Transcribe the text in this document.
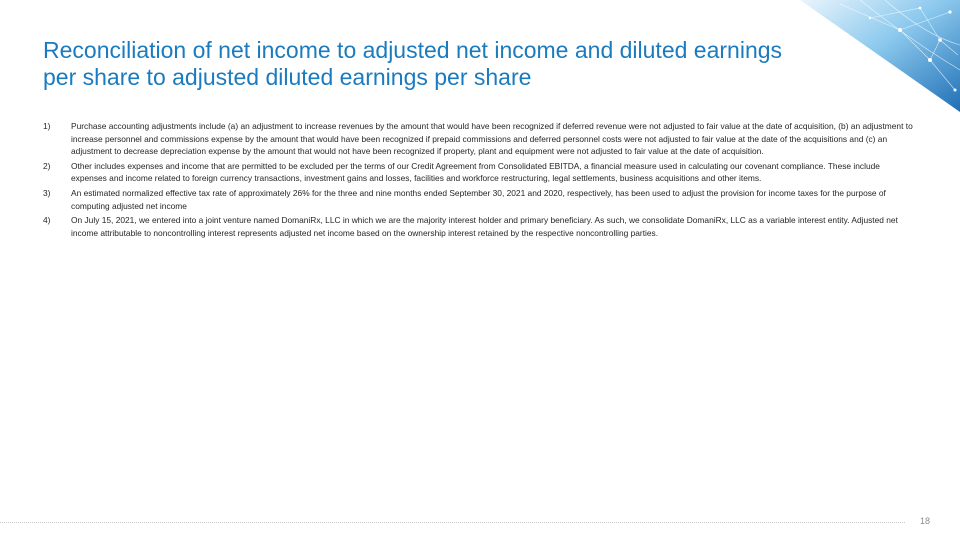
Reconciliation of net income to adjusted net income and diluted earnings per share to adjusted diluted earnings per share
1)	Purchase accounting adjustments include (a) an adjustment to increase revenues by the amount that would have been recognized if deferred revenue were not adjusted to fair value at the date of acquisition, (b) an adjustment to increase personnel and commissions expense by the amount that would have been recognized if prepaid commissions and deferred personnel costs were not adjusted to fair value at the date of the acquisitions and (c) an adjustment to decrease depreciation expense by the amount that would not have been recognized if property, plant and equipment were not adjusted to fair value at the date of acquisition.
2)	Other includes expenses and income that are permitted to be excluded per the terms of our Credit Agreement from Consolidated EBITDA, a financial measure used in calculating our covenant compliance. These include expenses and income related to foreign currency transactions, investment gains and losses, facilities and workforce restructuring, legal settlements, business acquisitions and other items.
3)	An estimated normalized effective tax rate of approximately 26% for the three and nine months ended September 30, 2021 and 2020, respectively, has been used to adjust the provision for income taxes for the purpose of computing adjusted net income
4)	On July 15, 2021, we entered into a joint venture named DomaniRx, LLC in which we are the majority interest holder and primary beneficiary. As such, we consolidate DomaniRx, LLC as a variable interest entity. Adjusted net income attributable to noncontrolling interest represents adjusted net income based on the ownership interest retained by the respective noncontrolling parties.
18
